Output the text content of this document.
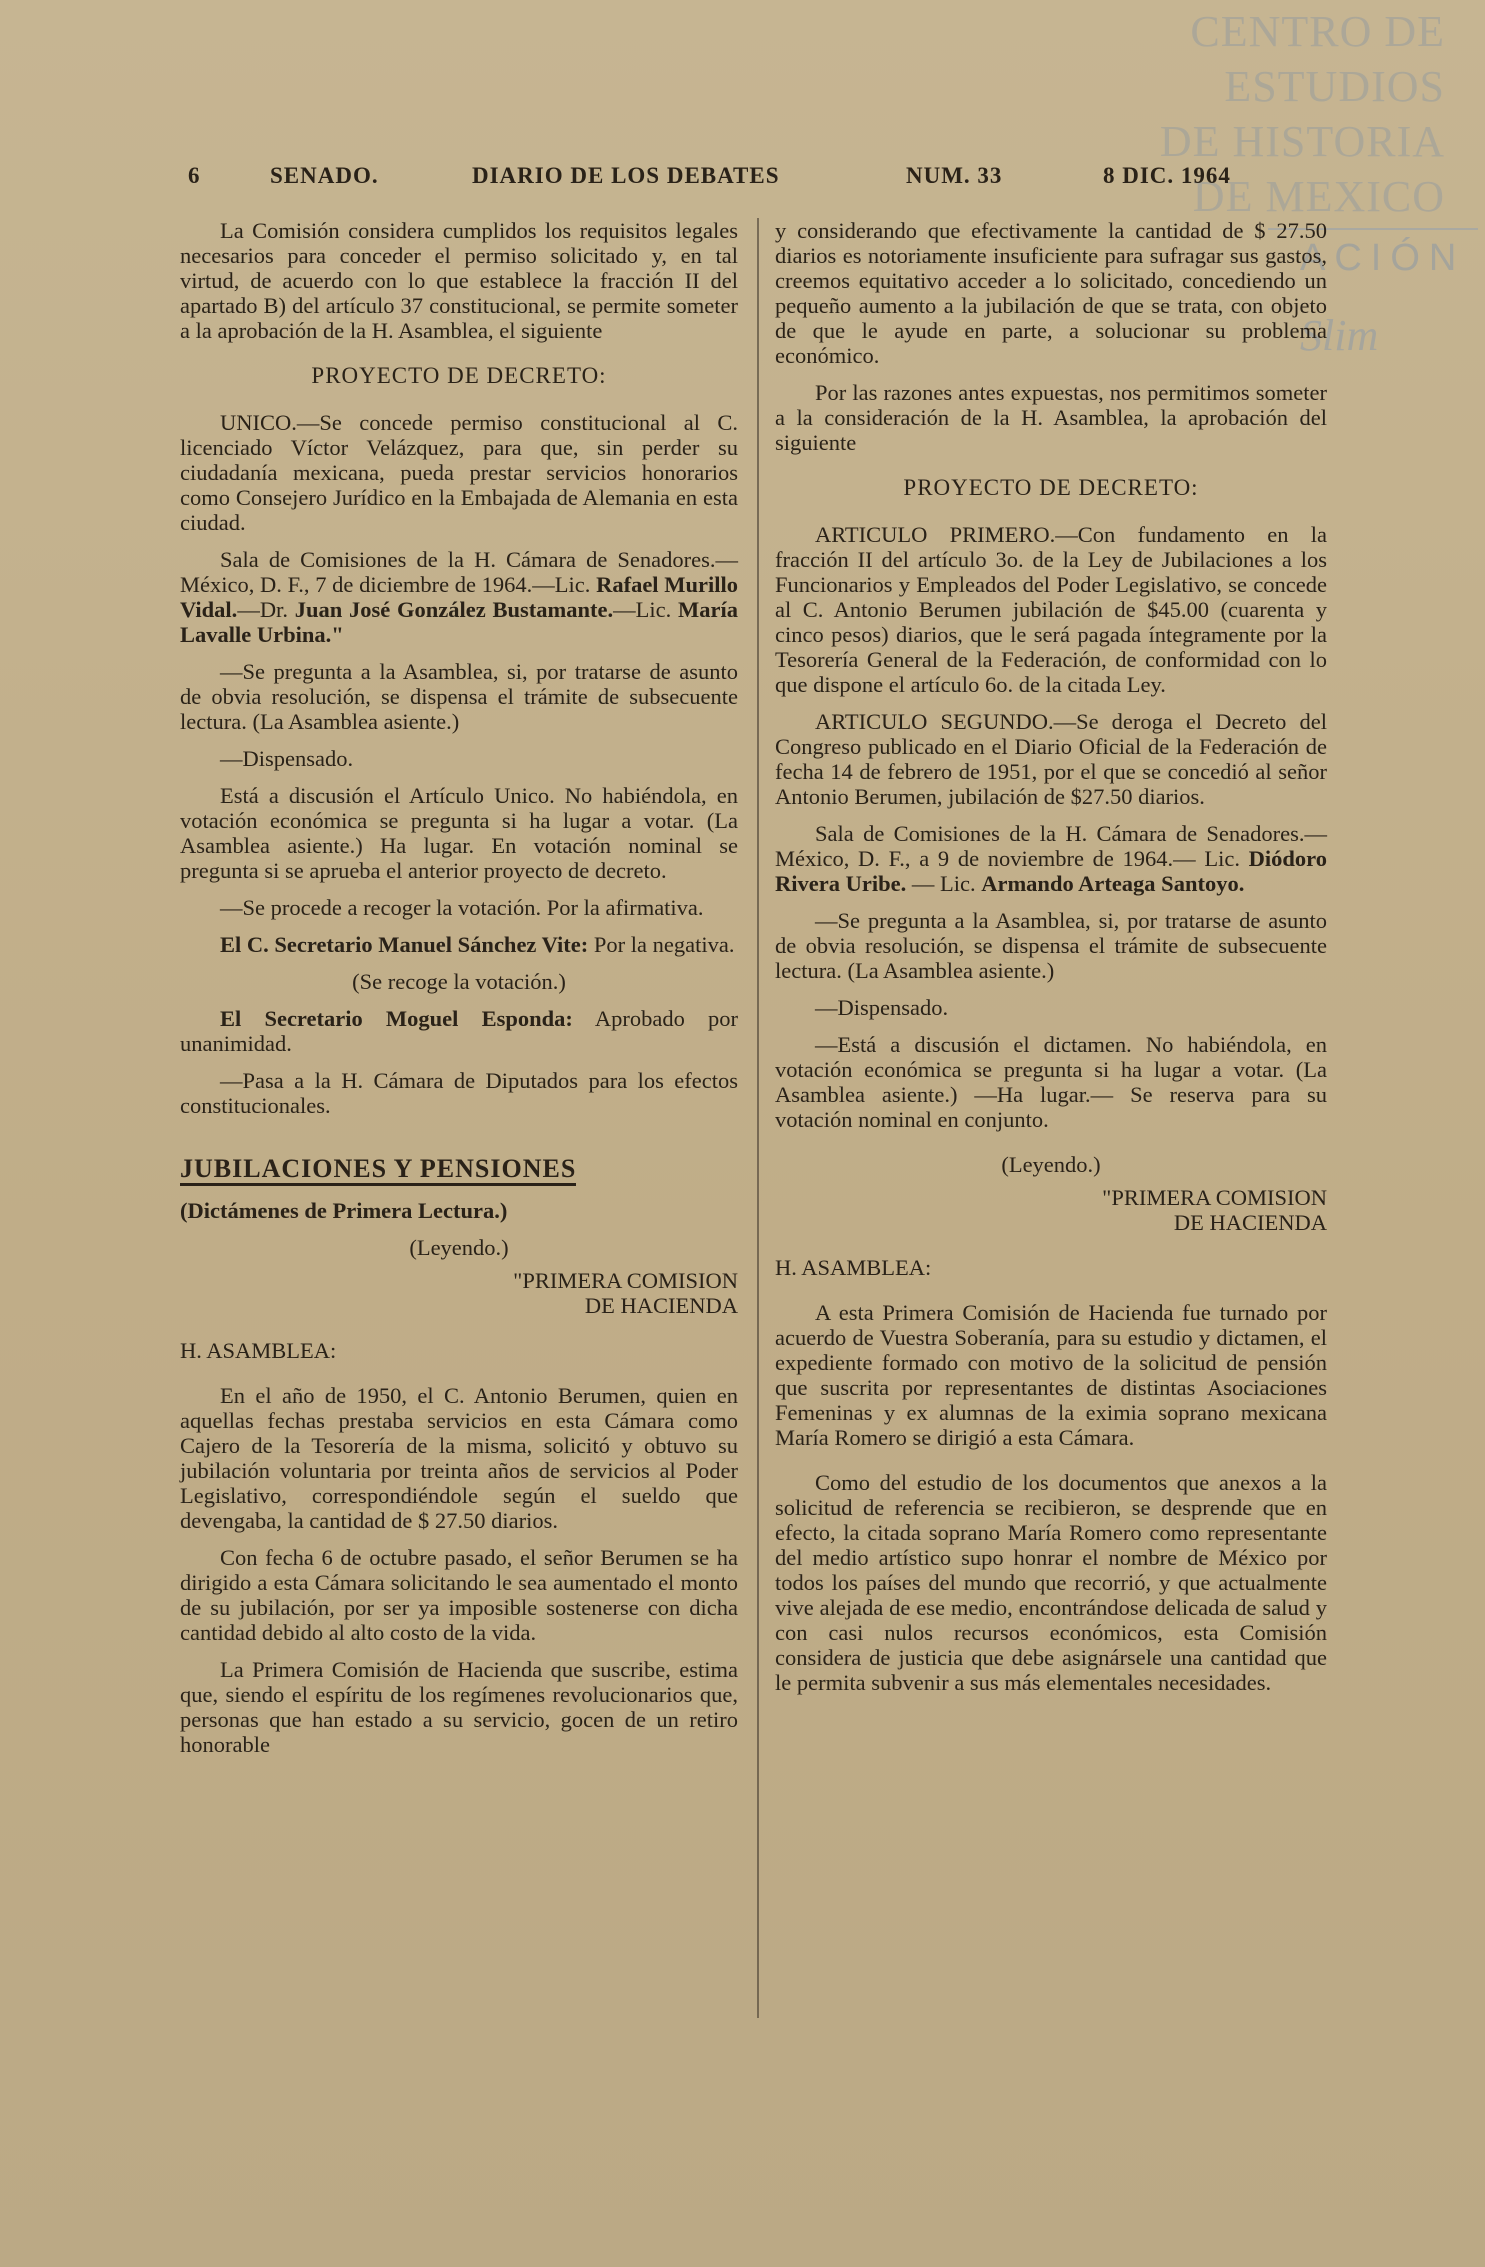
CENTRO DE
ESTUDIOS
DE HISTORIA
DE MEXICO
ACIÓN
Slim
6	SENADO.	DIARIO DE LOS DEBATES	NUM. 33	8 DIC. 1964

La Comisión considera cumplidos los requisitos legales necesarios para conceder el permiso solicitado y, en tal virtud, de acuerdo con lo que establece la fracción II del apartado B) del artículo 37 constitucional, se permite someter a la aprobación de la H. Asamblea, el siguiente

PROYECTO DE DECRETO:

UNICO.—Se concede permiso constitucional al C. licenciado Víctor Velázquez, para que, sin perder su ciudadanía mexicana, pueda prestar servicios honorarios como Consejero Jurídico en la Embajada de Alemania en esta ciudad.

Sala de Comisiones de la H. Cámara de Senadores.—México, D. F., 7 de diciembre de 1964.—Lic. Rafael Murillo Vidal.—Dr. Juan José González Bustamante.—Lic. María Lavalle Urbina."

—Se pregunta a la Asamblea, si, por tratarse de asunto de obvia resolución, se dispensa el trámite de subsecuente lectura. (La Asamblea asiente.)

—Dispensado.

Está a discusión el Artículo Unico. No habiéndola, en votación económica se pregunta si ha lugar a votar. (La Asamblea asiente.) Ha lugar. En votación nominal se pregunta si se aprueba el anterior proyecto de decreto.

—Se procede a recoger la votación. Por la afirmativa.

El C. Secretario Manuel Sánchez Vite: Por la negativa.

(Se recoge la votación.)

El Secretario Moguel Esponda: Aprobado por unanimidad.

—Pasa a la H. Cámara de Diputados para los efectos constitucionales.

JUBILACIONES Y PENSIONES

(Dictámenes de Primera Lectura.)

(Leyendo.)

"PRIMERA COMISION

DE HACIENDA

H. ASAMBLEA:

En el año de 1950, el C. Antonio Berumen, quien en aquellas fechas prestaba servicios en esta Cámara como Cajero de la Tesorería de la misma, solicitó y obtuvo su jubilación voluntaria por treinta años de servicios al Poder Legislativo, correspondiéndole según el sueldo que devengaba, la cantidad de $ 27.50 diarios.

Con fecha 6 de octubre pasado, el señor Berumen se ha dirigido a esta Cámara solicitando le sea aumentado el monto de su jubilación, por ser ya imposible sostenerse con dicha cantidad debido al alto costo de la vida.

La Primera Comisión de Hacienda que suscribe, estima que, siendo el espíritu de los regímenes revolucionarios que, personas que han estado a su servicio, gocen de un retiro honorable

y considerando que efectivamente la cantidad de $ 27.50 diarios es notoriamente insuficiente para sufragar sus gastos, creemos equitativo acceder a lo solicitado, concediendo un pequeño aumento a la jubilación de que se trata, con objeto de que le ayude en parte, a solucionar su problema económico.

Por las razones antes expuestas, nos permitimos someter a la consideración de la H. Asamblea, la aprobación del siguiente

PROYECTO DE DECRETO:

ARTICULO PRIMERO.—Con fundamento en la fracción II del artículo 3o. de la Ley de Jubilaciones a los Funcionarios y Empleados del Poder Legislativo, se concede al C. Antonio Berumen jubilación de $45.00 (cuarenta y cinco pesos) diarios, que le será pagada íntegramente por la Tesorería General de la Federación, de conformidad con lo que dispone el artículo 6o. de la citada Ley.

ARTICULO SEGUNDO.—Se deroga el Decreto del Congreso publicado en el Diario Oficial de la Federación de fecha 14 de febrero de 1951, por el que se concedió al señor Antonio Berumen, jubilación de $27.50 diarios.

Sala de Comisiones de la H. Cámara de Senadores.—México, D. F., a 9 de noviembre de 1964.— Lic. Diódoro Rivera Uribe. — Lic. Armando Arteaga Santoyo.

—Se pregunta a la Asamblea, si, por tratarse de asunto de obvia resolución, se dispensa el trámite de subsecuente lectura. (La Asamblea asiente.)

—Dispensado.

—Está a discusión el dictamen. No habiéndola, en votación económica se pregunta si ha lugar a votar. (La Asamblea asiente.) —Ha lugar.— Se reserva para su votación nominal en conjunto.

(Leyendo.)

"PRIMERA COMISION

DE HACIENDA

H. ASAMBLEA:

A esta Primera Comisión de Hacienda fue turnado por acuerdo de Vuestra Soberanía, para su estudio y dictamen, el expediente formado con motivo de la solicitud de pensión que suscrita por representantes de distintas Asociaciones Femeninas y ex alumnas de la eximia soprano mexicana María Romero se dirigió a esta Cámara.

Como del estudio de los documentos que anexos a la solicitud de referencia se recibieron, se desprende que en efecto, la citada soprano María Romero como representante del medio artístico supo honrar el nombre de México por todos los países del mundo que recorrió, y que actualmente vive alejada de ese medio, encontrándose delicada de salud y con casi nulos recursos económicos, esta Comisión considera de justicia que debe asignársele una cantidad que le permita subvenir a sus más elementales necesidades.
